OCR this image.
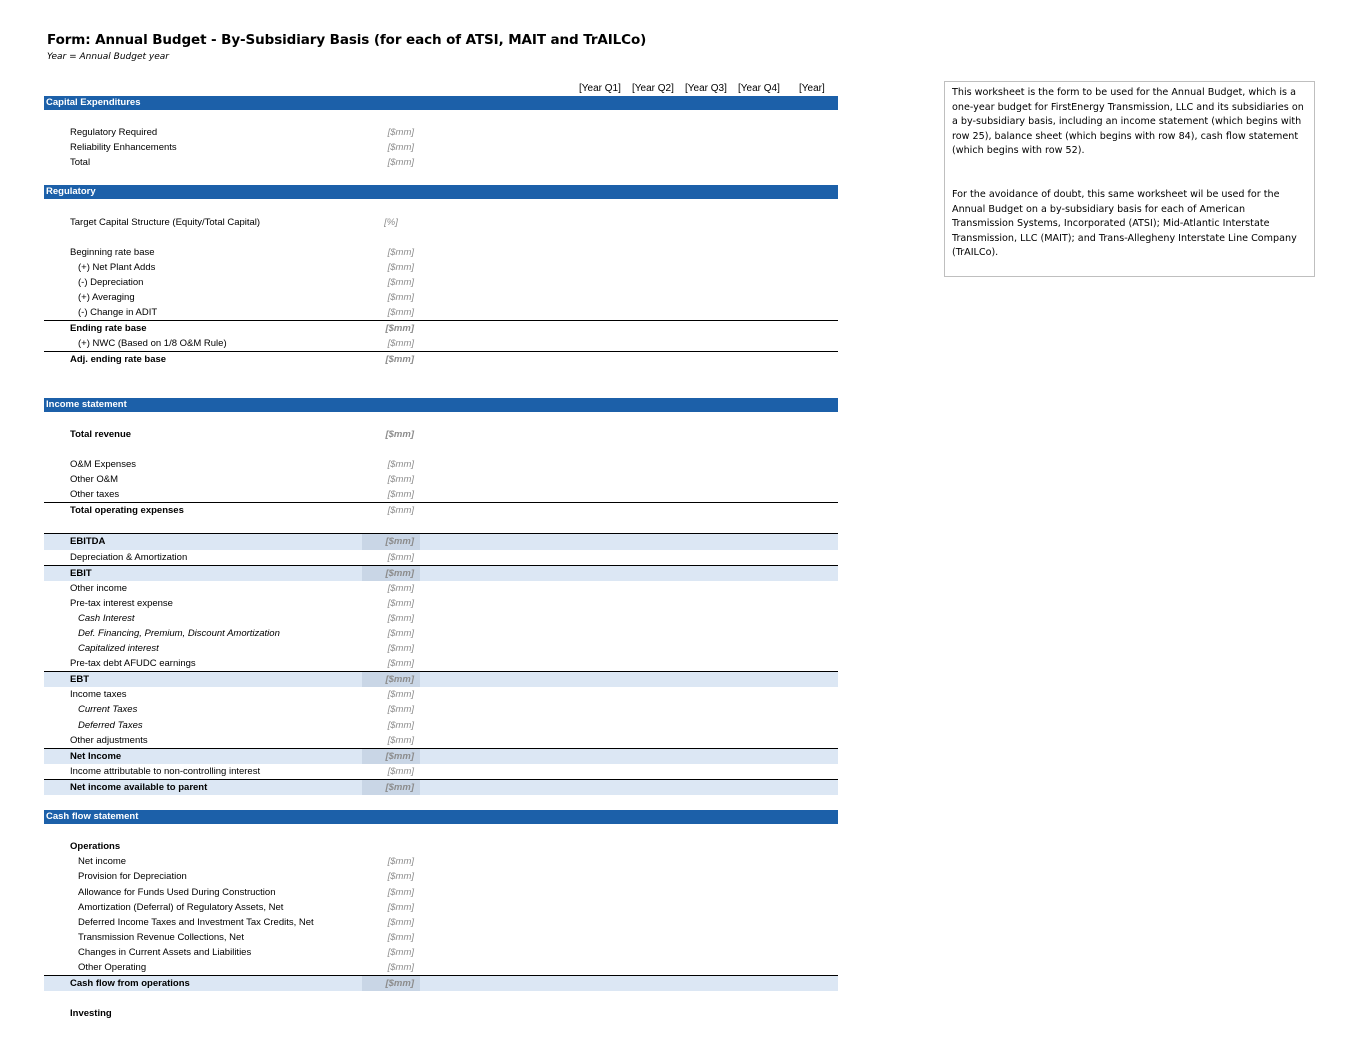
Form: Annual Budget - By-Subsidiary Basis (for each of ATSI, MAIT and TrAILCo)
Year = Annual Budget year
[Year Q1] [Year Q2] [Year Q3] [Year Q4] [Year]
Capital Expenditures
Regulatory Required	[$mm]
Reliability Enhancements	[$mm]
Total	[$mm]
Regulatory
Target Capital Structure (Equity/Total Capital)	[%]
Beginning rate base	[$mm]
(+) Net Plant Adds	[$mm]
(-) Depreciation	[$mm]
(+) Averaging	[$mm]
(-) Change in ADIT	[$mm]
Ending rate base	[$mm]
(+) NWC (Based on 1/8 O&M Rule)	[$mm]
Adj. ending rate base	[$mm]
Income statement
Total revenue	[$mm]
O&M Expenses	[$mm]
Other O&M	[$mm]
Other taxes	[$mm]
Total operating expenses	[$mm]
EBITDA	[$mm]
Depreciation & Amortization	[$mm]
EBIT	[$mm]
Other income	[$mm]
Pre-tax interest expense	[$mm]
Cash Interest	[$mm]
Def. Financing, Premium, Discount Amortization	[$mm]
Capitalized interest	[$mm]
Pre-tax debt AFUDC earnings	[$mm]
EBT	[$mm]
Income taxes	[$mm]
Current Taxes	[$mm]
Deferred Taxes	[$mm]
Other adjustments	[$mm]
Net Income	[$mm]
Income attributable to non-controlling interest	[$mm]
Net income available to parent	[$mm]
Cash flow statement
Operations
Net income	[$mm]
Provision for Depreciation	[$mm]
Allowance for Funds Used During Construction	[$mm]
Amortization (Deferral) of Regulatory Assets, Net	[$mm]
Deferred Income Taxes and Investment Tax Credits, Net	[$mm]
Transmission Revenue Collections, Net	[$mm]
Changes in Current Assets and Liabilities	[$mm]
Other Operating	[$mm]
Cash flow from operations	[$mm]
Investing

This worksheet is the form to be used for the Annual Budget, which is a one-year budget for FirstEnergy Transmission, LLC and its subsidiaries on a by-subsidiary basis, including an income statement (which begins with row 25), balance sheet (which begins with row 84), cash flow statement (which begins with row 52).

For the avoidance of doubt, this same worksheet wil be used for the Annual Budget on a by-subsidiary basis for each of American Transmission Systems, Incorporated (ATSI); Mid-Atlantic Interstate Transmission, LLC (MAIT); and Trans-Allegheny Interstate Line Company (TrAILCo).
